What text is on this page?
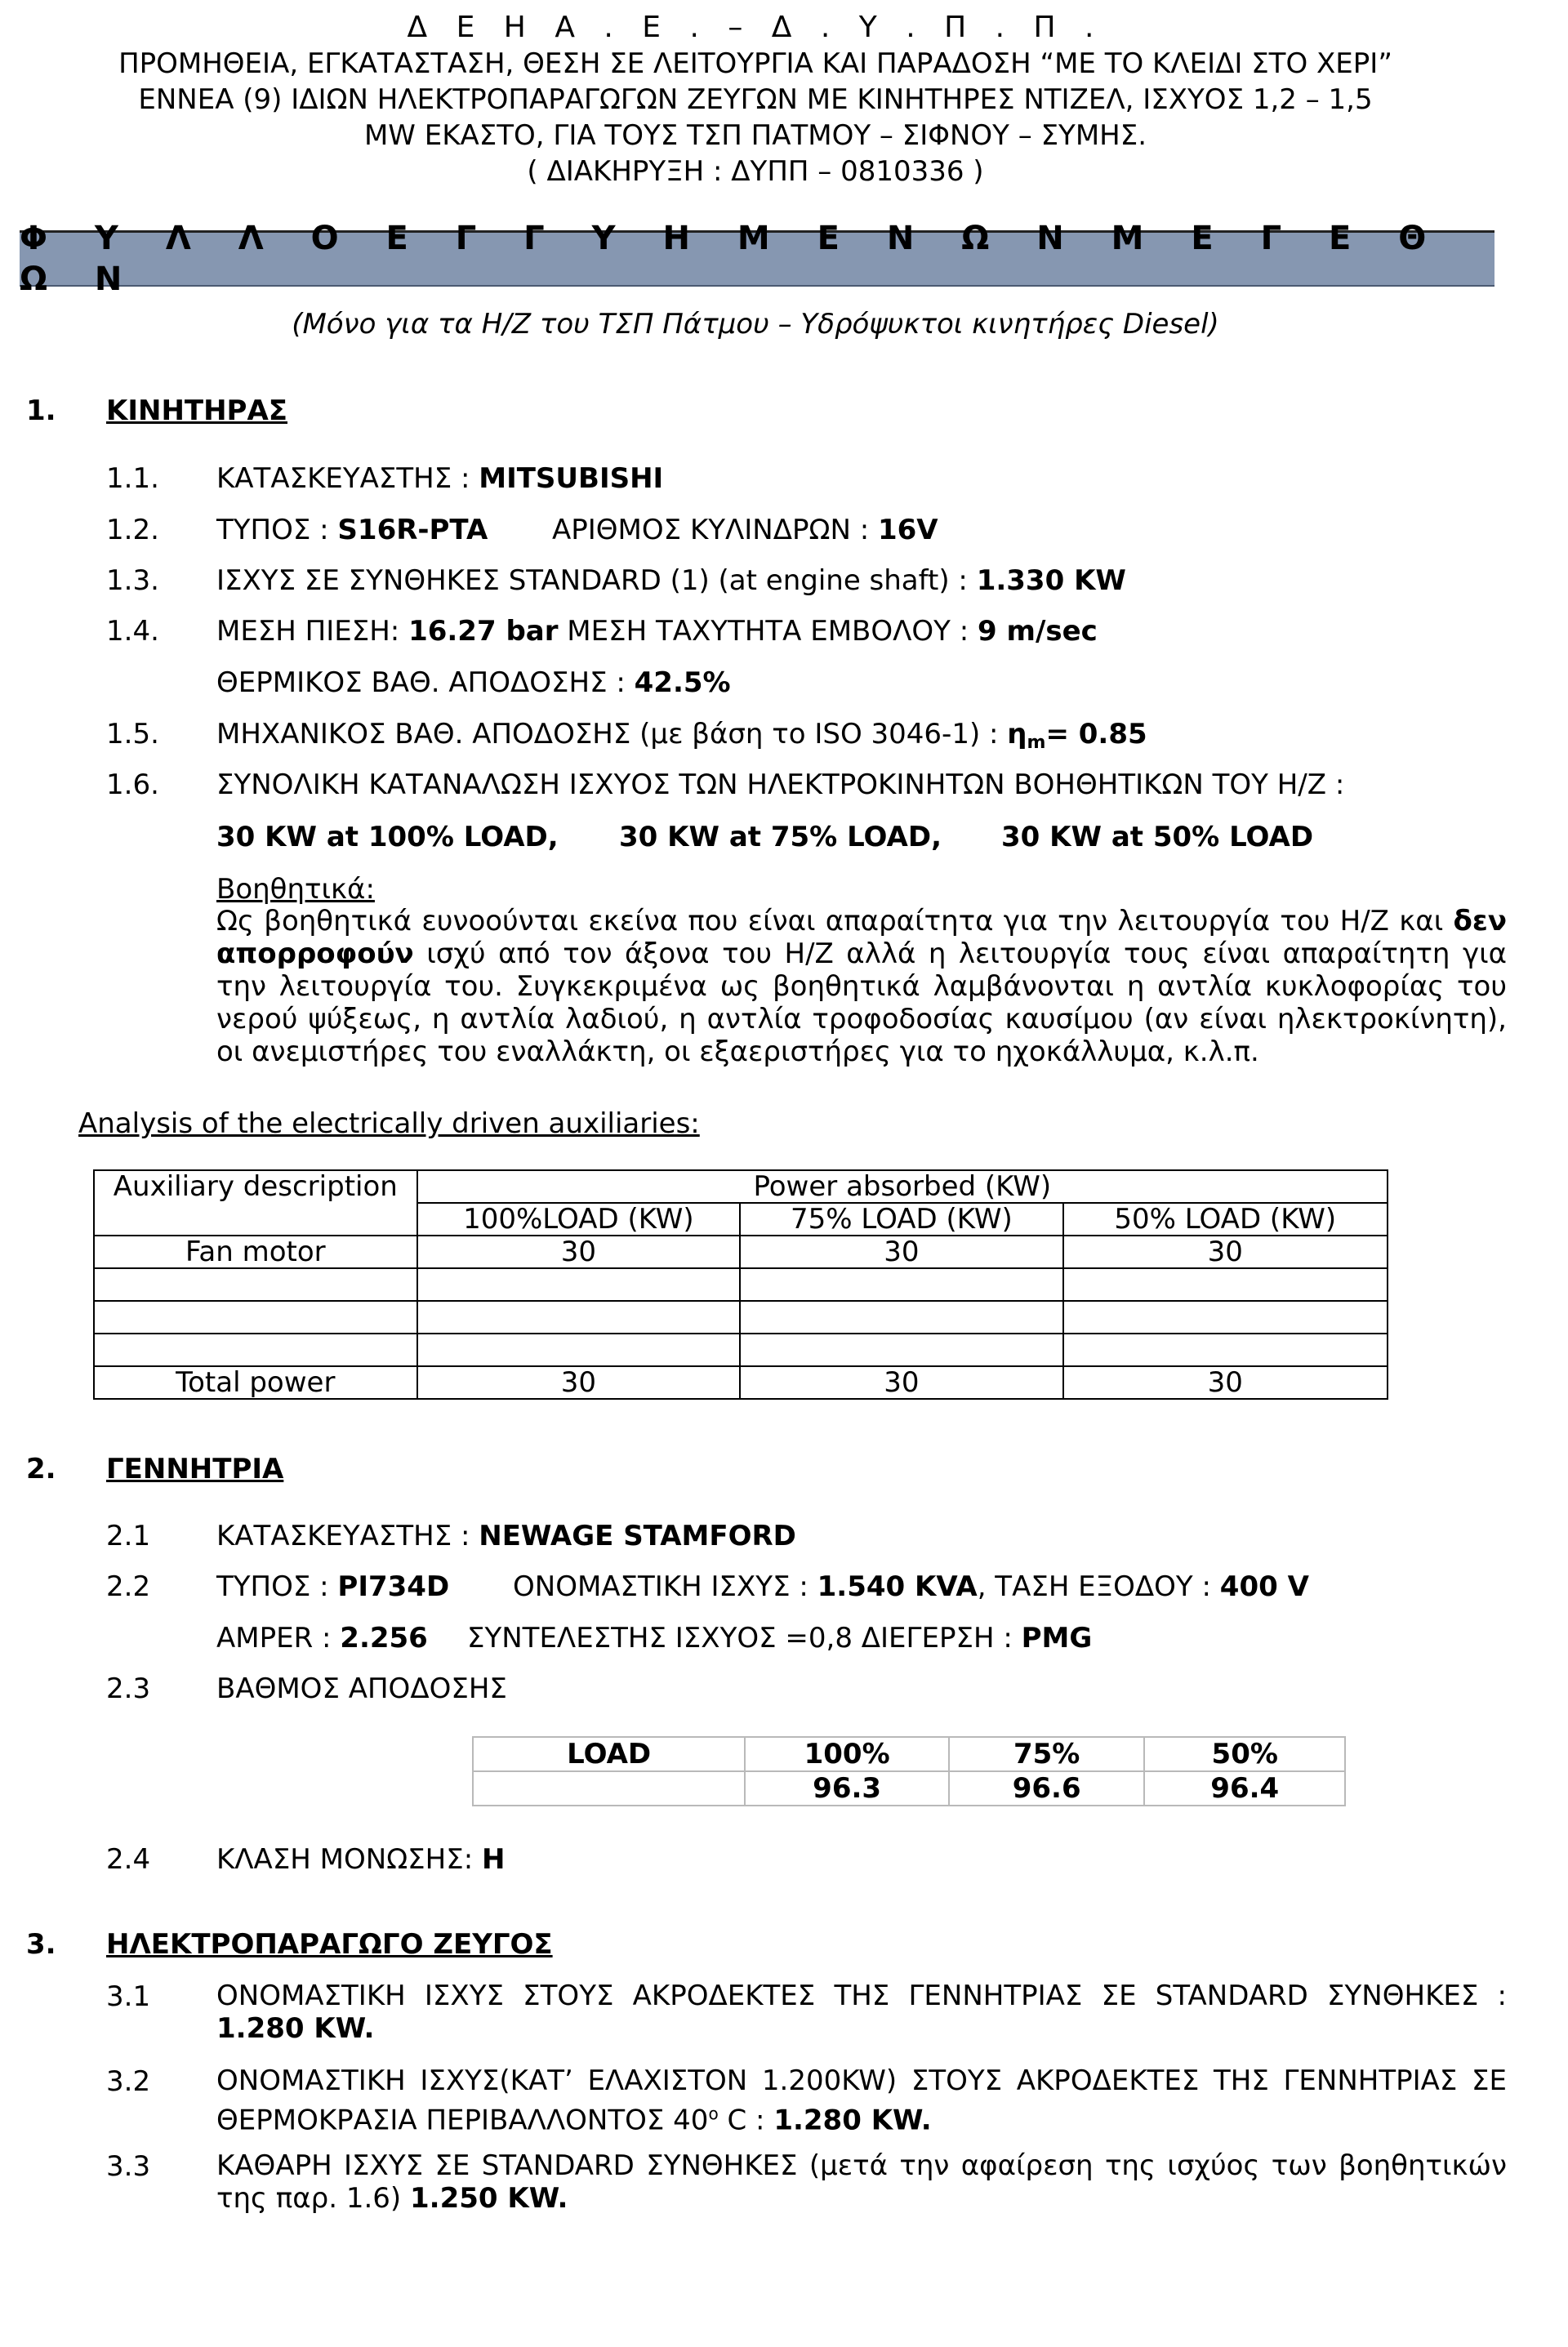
Δ Ε Η Α . Ε . – Δ . Υ . Π . Π .
ΠΡΟΜΗΘΕΙΑ, ΕΓΚΑΤΑΣΤΑΣΗ, ΘΕΣΗ ΣΕ ΛΕΙΤΟΥΡΓΙΑ ΚΑΙ ΠΑΡΑΔΟΣΗ “ΜΕ ΤΟ ΚΛΕΙΔΙ ΣΤΟ ΧΕΡΙ”
ΕΝΝΕΑ (9) ΙΔΙΩΝ ΗΛΕΚΤΡΟΠΑΡΑΓΩΓΩΝ ΖΕΥΓΩΝ ΜΕ ΚΙΝΗΤΗΡΕΣ ΝΤΙΖΕΛ, ΙΣΧΥΟΣ 1,2 – 1,5
MW ΕΚΑΣΤΟ, ΓΙΑ ΤΟΥΣ ΤΣΠ ΠΑΤΜΟΥ – ΣΙΦΝΟΥ – ΣΥΜΗΣ.
( ΔΙΑΚΗΡΥΞΗ : ΔΥΠΠ – 0810336 )
Φ Υ Λ Λ Ο Ε Γ Γ Υ Η Μ Ε Ν Ω Ν Μ Ε Γ Ε Θ Ω Ν
(Μόνο για τα Η/Ζ του ΤΣΠ Πάτμου – Υδρόψυκτοι κινητήρες Diesel)
1. ΚΙΝΗΤΗΡΑΣ
1.1. ΚΑΤΑΣΚΕΥΑΣΤΗΣ : MITSUBISHI
1.2. ΤΥΠΟΣ : S16R-PTA ΑΡΙΘΜΟΣ ΚΥΛΙΝΔΡΩΝ : 16V
1.3. ΙΣΧΥΣ ΣΕ ΣΥΝΘΗΚΕΣ STANDARD (1) (at engine shaft) : 1.330 KW
1.4. ΜΕΣΗ ΠΙΕΣΗ: 16.27 bar ΜΕΣΗ ΤΑΧΥΤΗΤΑ ΕΜΒΟΛΟΥ : 9 m/sec
ΘΕΡΜΙΚΟΣ ΒΑΘ. ΑΠΟΔΟΣΗΣ : 42.5%
1.5. ΜΗΧΑΝΙΚΟΣ ΒΑΘ. ΑΠΟΔΟΣΗΣ (με βάση το ISO 3046-1) : $\eta_m= 0.85$
1.6. ΣΥΝΟΛΙΚΗ ΚΑΤΑΝΑΛΩΣΗ ΙΣΧΥΟΣ ΤΩΝ ΗΛΕΚΤΡΟΚΙΝΗΤΩΝ ΒΟΗΘΗΤΙΚΩΝ ΤΟΥ Η/Ζ :
30 KW at 100% LOAD, 30 KW at 75% LOAD, 30 KW at 50% LOAD
Βοηθητικά:
Ως βοηθητικά ευνοούνται εκείνα που είναι απαραίτητα για την λειτουργία του Η/Ζ και δεν απορροφούν ισχύ από τον άξονα του Η/Ζ αλλά η λειτουργία τους είναι απαραίτητη για την λειτουργία του. Συγκεκριμένα ως βοηθητικά λαμβάνονται η αντλία κυκλοφορίας του νερού ψύξεως, η αντλία λαδιού, η αντλία τροφοδοσίας καυσίμου (αν είναι ηλεκτροκίνητη), οι ανεμιστήρες του εναλλάκτη, οι εξαεριστήρες για το ηχοκάλλυμα, κ.λ.π.
Analysis of the electrically driven auxiliaries:
Auxiliary description	Power absorbed (KW)		
	100%LOAD (KW)	75% LOAD (KW)	50% LOAD (KW)
Fan motor	30	30	30

Total power	30	30	30
2. ΓΕΝΝΗΤΡΙΑ
2.1 ΚΑΤΑΣΚΕΥΑΣΤΗΣ : NEWAGE STAMFORD
2.2 ΤΥΠΟΣ : PI734D ΟΝΟΜΑΣΤΙΚΗ ΙΣΧΥΣ : 1.540 KVA, ΤΑΣΗ ΕΞΟΔΟΥ : 400 V
AMPER : 2.256 ΣΥΝΤΕΛΕΣΤΗΣ ΙΣΧΥΟΣ =0,8 ΔΙΕΓΕΡΣΗ : PMG
2.3 ΒΑΘΜΟΣ ΑΠΟΔΟΣΗΣ
LOAD	100%	75%	50%
	96.3	96.6	96.4
2.4 ΚΛΑΣΗ ΜΟΝΩΣΗΣ: H
3. ΗΛΕΚΤΡΟΠΑΡΑΓΩΓΟ ΖΕΥΓΟΣ
3.1 ΟΝΟΜΑΣΤΙΚΗ ΙΣΧΥΣ ΣΤΟΥΣ ΑΚΡΟΔΕΚΤΕΣ ΤΗΣ ΓΕΝΝΗΤΡΙΑΣ ΣΕ STANDARD ΣΥΝΘΗΚΕΣ : 1.280 KW.
3.2 ΟΝΟΜΑΣΤΙΚΗ ΙΣΧΥΣ(ΚΑΤ’ ΕΛΑΧΙΣΤΟΝ 1.200KW) ΣΤΟΥΣ ΑΚΡΟΔΕΚΤΕΣ ΤΗΣ ΓΕΝΝΗΤΡΙΑΣ ΣΕ ΘΕΡΜΟΚΡΑΣΙΑ ΠΕΡΙΒΑΛΛΟΝΤΟΣ $40^o$ C : 1.280 KW.
3.3 ΚΑΘΑΡΗ ΙΣΧΥΣ ΣΕ STANDARD ΣΥΝΘΗΚΕΣ (μετά την αφαίρεση της ισχύος των βοηθητικών της παρ. 1.6) 1.250 KW.
